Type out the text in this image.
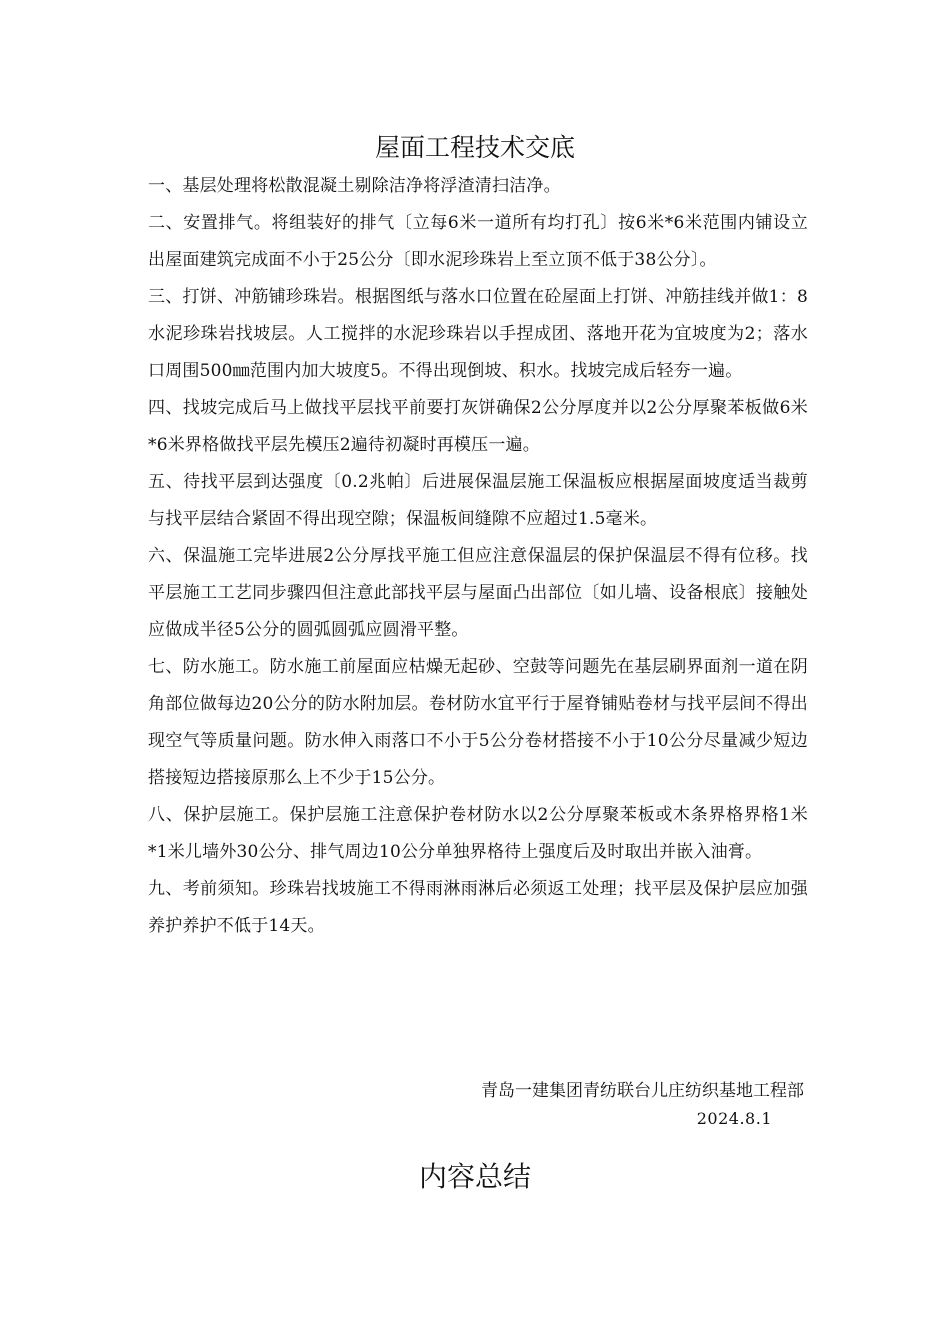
屋面工程技术交底

一、基层处理将松散混凝土剔除洁净将浮渣清扫洁净。

二、安置排气。将组装好的排气〔立每6米一道所有均打孔〕按6米*6米范围内铺设立出屋面建筑完成面不小于25公分〔即水泥珍珠岩上至立顶不低于38公分〕。

三、打饼、冲筋铺珍珠岩。根据图纸与落水口位置在砼屋面上打饼、冲筋挂线并做1：8水泥珍珠岩找坡层。人工搅拌的水泥珍珠岩以手捏成团、落地开花为宜坡度为2；落水口周围500㎜范围内加大坡度5。不得出现倒坡、积水。找坡完成后轻夯一遍。

四、找坡完成后马上做找平层找平前要打灰饼确保2公分厚度并以2公分厚聚苯板做6米*6米界格做找平层先模压2遍待初凝时再模压一遍。

五、待找平层到达强度〔0.2兆帕〕后进展保温层施工保温板应根据屋面坡度适当裁剪与找平层结合紧固不得出现空隙；保温板间缝隙不应超过1.5毫米。

六、保温施工完毕进展2公分厚找平施工但应注意保温层的保护保温层不得有位移。找平层施工工艺同步骤四但注意此部找平层与屋面凸出部位〔如儿墙、设备根底〕接触处应做成半径5公分的圆弧圆弧应圆滑平整。

七、防水施工。防水施工前屋面应枯燥无起砂、空鼓等问题先在基层刷界面剂一道在阴角部位做每边20公分的防水附加层。卷材防水宜平行于屋脊铺贴卷材与找平层间不得出现空气等质量问题。防水伸入雨落口不小于5公分卷材搭接不小于10公分尽量减少短边搭接短边搭接原那么上不少于15公分。

八、保护层施工。保护层施工注意保护卷材防水以2公分厚聚苯板或木条界格界格1米*1米儿墙外30公分、排气周边10公分单独界格待上强度后及时取出并嵌入油膏。

九、考前须知。珍珠岩找坡施工不得雨淋雨淋后必须返工处理；找平层及保护层应加强养护养护不低于14天。

青岛一建集团青纺联台儿庄纺织基地工程部
2024.8.1
内容总结
